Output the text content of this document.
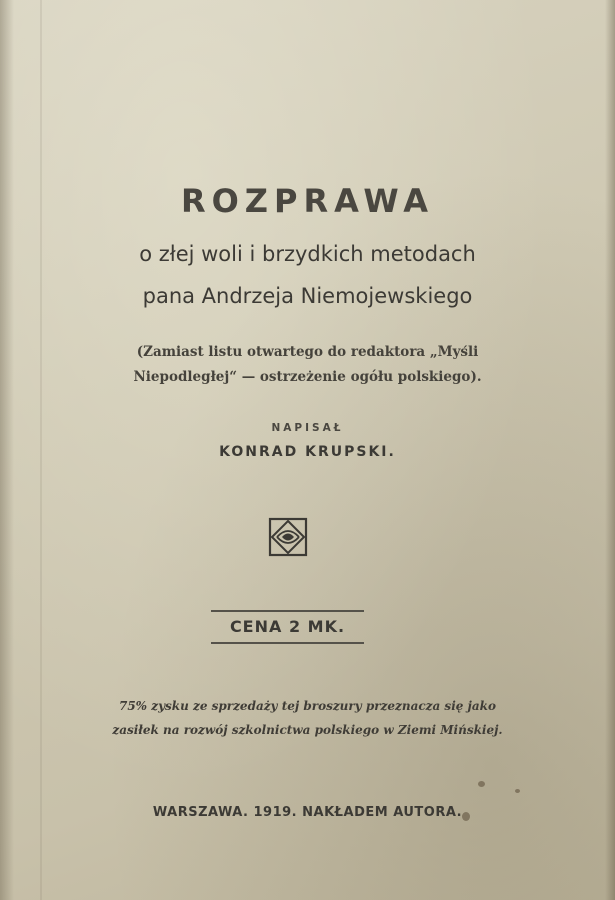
ROZPRAWA

o złej woli i brzydkich metodach

pana Andrzeja Niemojewskiego

(Zamiast listu otwartego do redaktora „Myśli

Niepodległej“ — ostrzeżenie ogółu polskiego).

NAPISAŁ

KONRAD KRUPSKI.

CENA 2 MK.

75% zysku ze sprzedaży tej broszury przeznacza się jako

zasiłek na rozwój szkolnictwa polskiego w Ziemi Mińskiej.

WARSZAWA. 1919. NAKŁADEM AUTORA.
